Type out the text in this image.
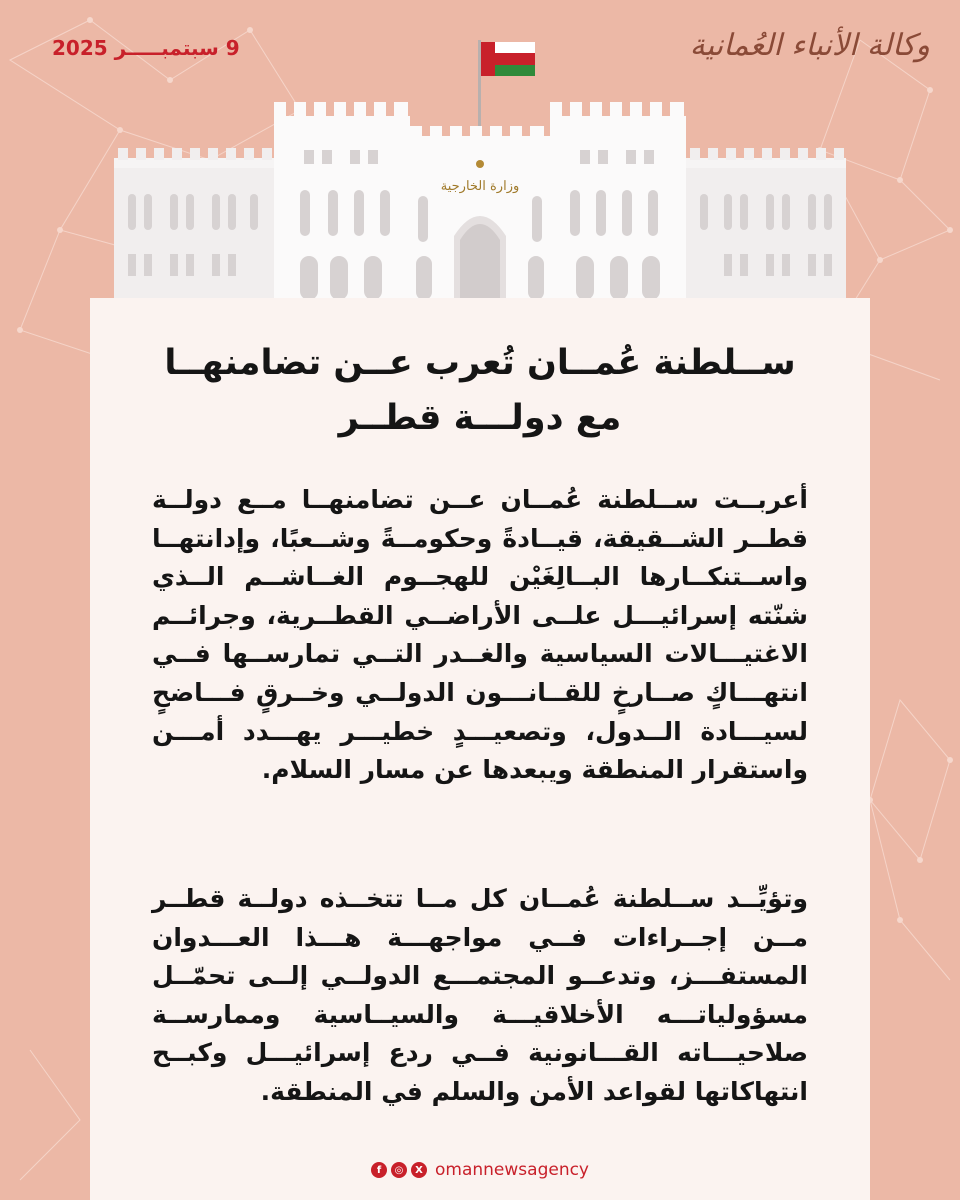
9 سبتمبـــــر 2025	وكالة الأنباء العُمانية
وزارة الخارجية
ســلطنة عُمــان تُعرب عــن تضامنهــا
مع دولـــة قطــر

أعربــت ســلطنة عُمــان عــن تضامنهــا مــع دولــة قطــر الشــقيقة، قيــادةً وحكومــةً وشــعبًا، وإدانتهــا واســتنكــارها البــالِغَيْن للهجــوم الغــاشــم الــذي شنّته إسرائيـــل علــى الأراضــي القطــرية، وجرائــم الاغتيـــالات السياسية والغــدر التــي تمارســها فــي انتهـــاكٍ صــارخٍ للقــانـــون الدولــي وخــرقٍ فـــاضحٍ لسيـــادة الــدول، وتصعيـــدٍ خطيـــر يهـــدد أمـــن واستقرار المنطقة ويبعدها عن مسار السلام.

وتؤيِّــد ســلطنة عُمــان كل مــا تتخــذه دولــة قطــر مــن إجــراءات فــي مواجهـــة هـــذا العـــدوان المستفـــز، وتدعــو المجتمـــع الدولــي إلــى تحمّــل مسؤولياتـــه الأخلاقيـــة والسيــاسية وممارســة صلاحيـــاته القـــانونية فــي ردع إسرائيـــل وكبــح انتهاكاتها لقواعد الأمن والسلم في المنطقة.

f	◎	X omannewsagency
